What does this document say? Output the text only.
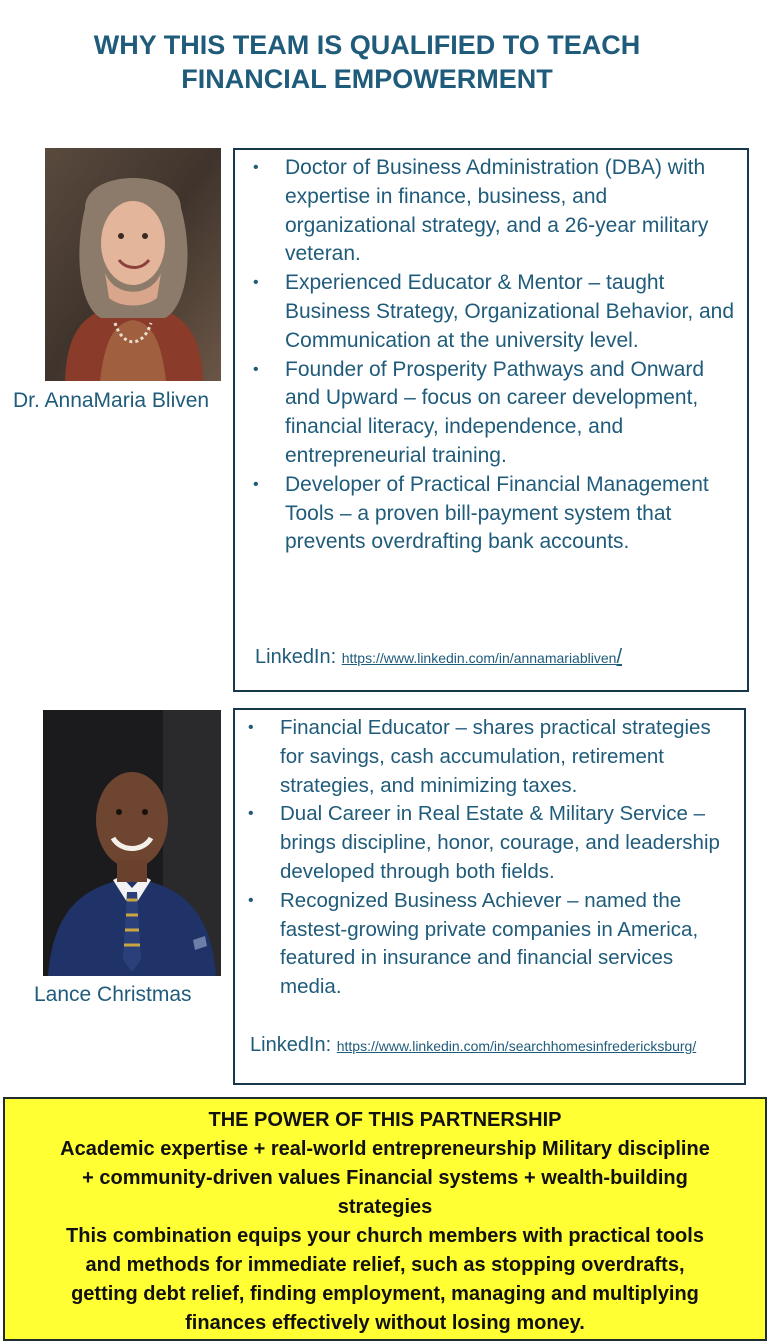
WHY THIS TEAM IS QUALIFIED TO TEACH
FINANCIAL EMPOWERMENT
Dr. AnnaMaria Bliven
•	Doctor of Business Administration (DBA) with expertise in finance, business, and organizational strategy, and a 26-year military veteran.
•	Experienced Educator & Mentor – taught Business Strategy, Organizational Behavior, and Communication at the university level.
•	Founder of Prosperity Pathways and Onward and Upward – focus on career development, financial literacy, independence, and entrepreneurial training.
•	Developer of Practical Financial Management Tools – a proven bill-payment system that prevents overdrafting bank accounts.
LinkedIn: https://www.linkedin.com/in/annamariabliven/
Lance Christmas
•	Financial Educator – shares practical strategies for savings, cash accumulation, retirement strategies, and minimizing taxes.
•	Dual Career in Real Estate & Military Service – brings discipline, honor, courage, and leadership developed through both fields.
•	Recognized Business Achiever – named the fastest-growing private companies in America, featured in insurance and financial services media.
LinkedIn: https://www.linkedin.com/in/searchhomesinfredericksburg/
THE POWER OF THIS PARTNERSHIP
Academic expertise + real-world entrepreneurship Military discipline
+ community-driven values Financial systems + wealth-building
strategies
This combination equips your church members with practical tools
and methods for immediate relief, such as stopping overdrafts,
getting debt relief, finding employment, managing and multiplying
finances effectively without losing money.
